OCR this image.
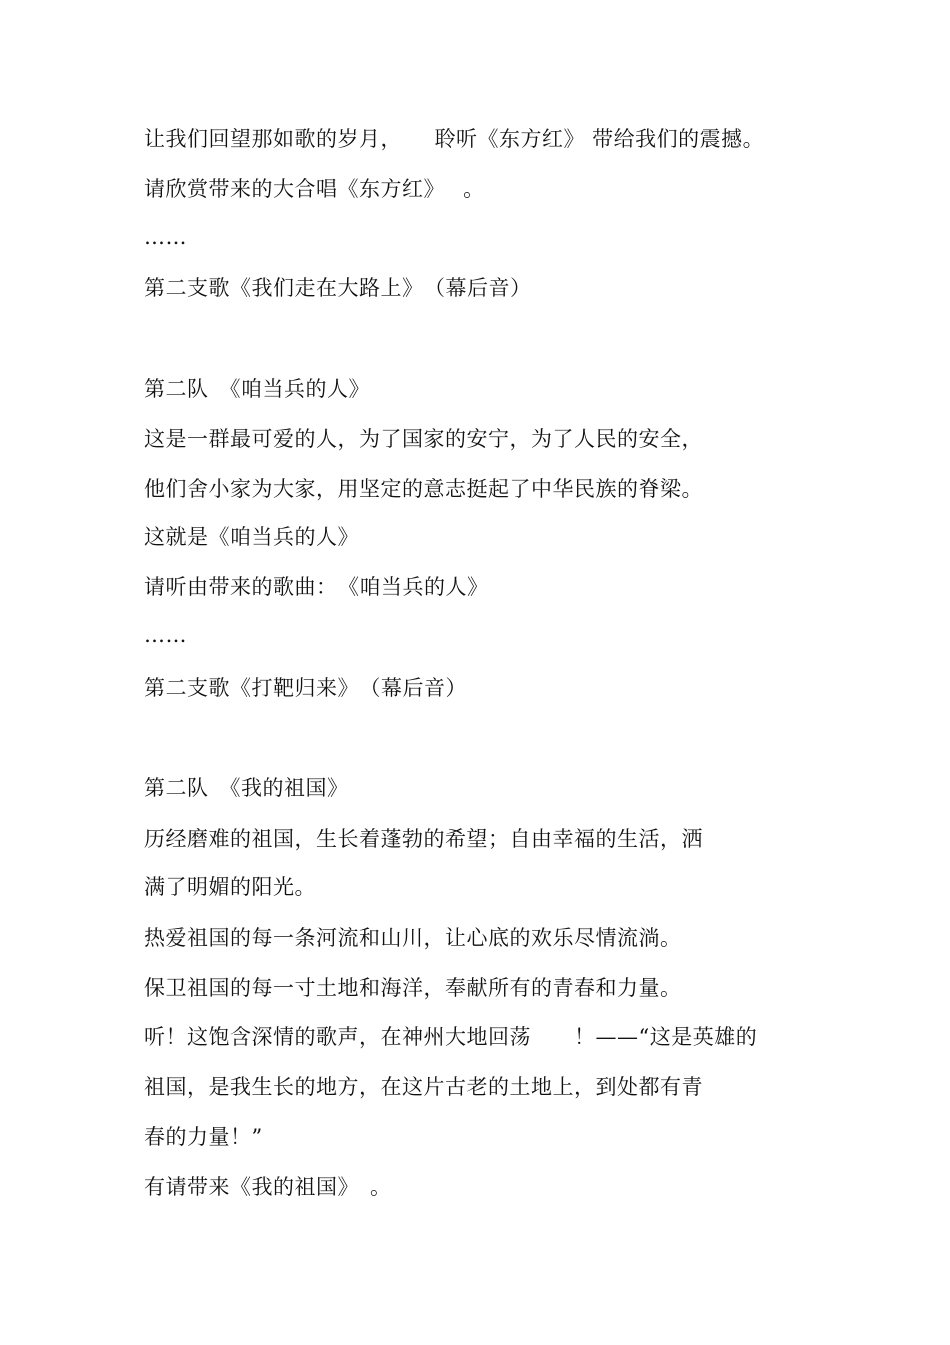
让我们回望那如歌的岁月，　　聆听《东方红》 带给我们的震撼。
请欣赏带来的大合唱《东方红》　 。
……
第二支歌《我们走在大路上》　（幕后音）
第二队　《咱当兵的人》
这是一群最可爱的人，为了国家的安宁，为了人民的安全，
他们舍小家为大家，用坚定的意志挺起了中华民族的脊梁。
这就是《咱当兵的人》
请听由带来的歌曲：　《咱当兵的人》
……
第二支歌《打靶归来》　（幕后音）
第二队　《我的祖国》
历经磨难的祖国，生长着蓬勃的希望；自由幸福的生活，洒
满了明媚的阳光。
热爱祖国的每一条河流和山川，让心底的欢乐尽情流淌。
保卫祖国的每一寸土地和海洋，奉献所有的青春和力量。
听！这饱含深情的歌声，在神州大地回荡　　！——“这是英雄的
祖国，是我生长的地方，在这片古老的土地上，到处都有青
春的力量！”
有请带来《我的祖国》　。
